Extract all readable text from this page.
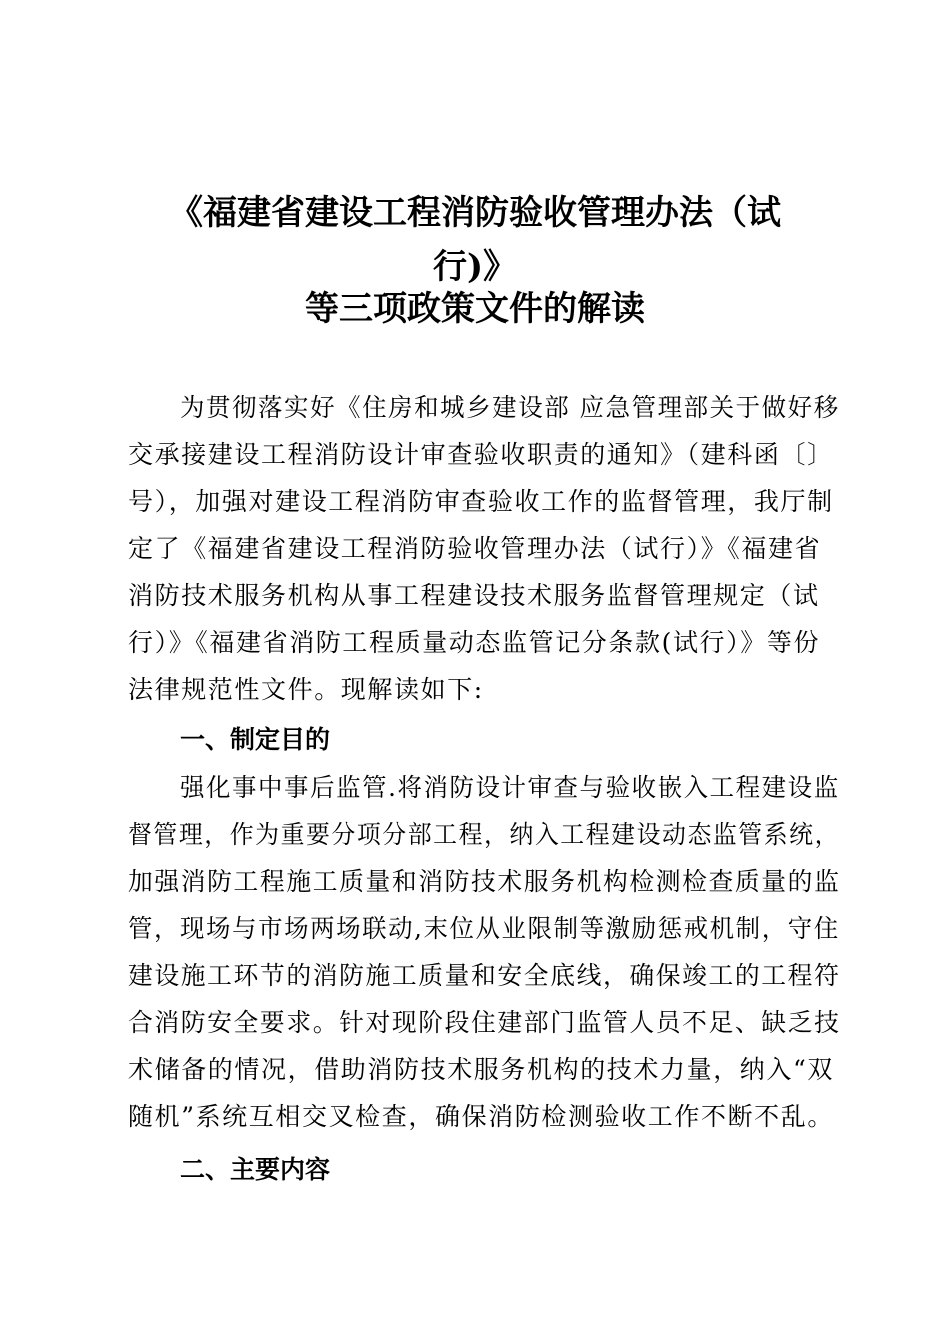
《福建省建设工程消防验收管理办法（试
行)》
等三项政策文件的解读
为贯彻落实好《住房和城乡建设部 应急管理部关于做好移
交承接建设工程消防设计审查验收职责的通知》（建科函〔〕
号），加强对建设工程消防审查验收工作的监督管理，我厅制
定了《福建省建设工程消防验收管理办法（试行）》《福建省
消防技术服务机构从事工程建设技术服务监督管理规定（试
行）》《福建省消防工程质量动态监管记分条款(试行）》等份
法律规范性文件。现解读如下:
一、制定目的
强化事中事后监管.将消防设计审查与验收嵌入工程建设监
督管理，作为重要分项分部工程，纳入工程建设动态监管系统，
加强消防工程施工质量和消防技术服务机构检测检查质量的监
管，现场与市场两场联动,末位从业限制等激励惩戒机制，守住
建设施工环节的消防施工质量和安全底线，确保竣工的工程符
合消防安全要求。针对现阶段住建部门监管人员不足、缺乏技
术储备的情况，借助消防技术服务机构的技术力量，纳入“双
随机”系统互相交叉检查，确保消防检测验收工作不断不乱。
二、主要内容
